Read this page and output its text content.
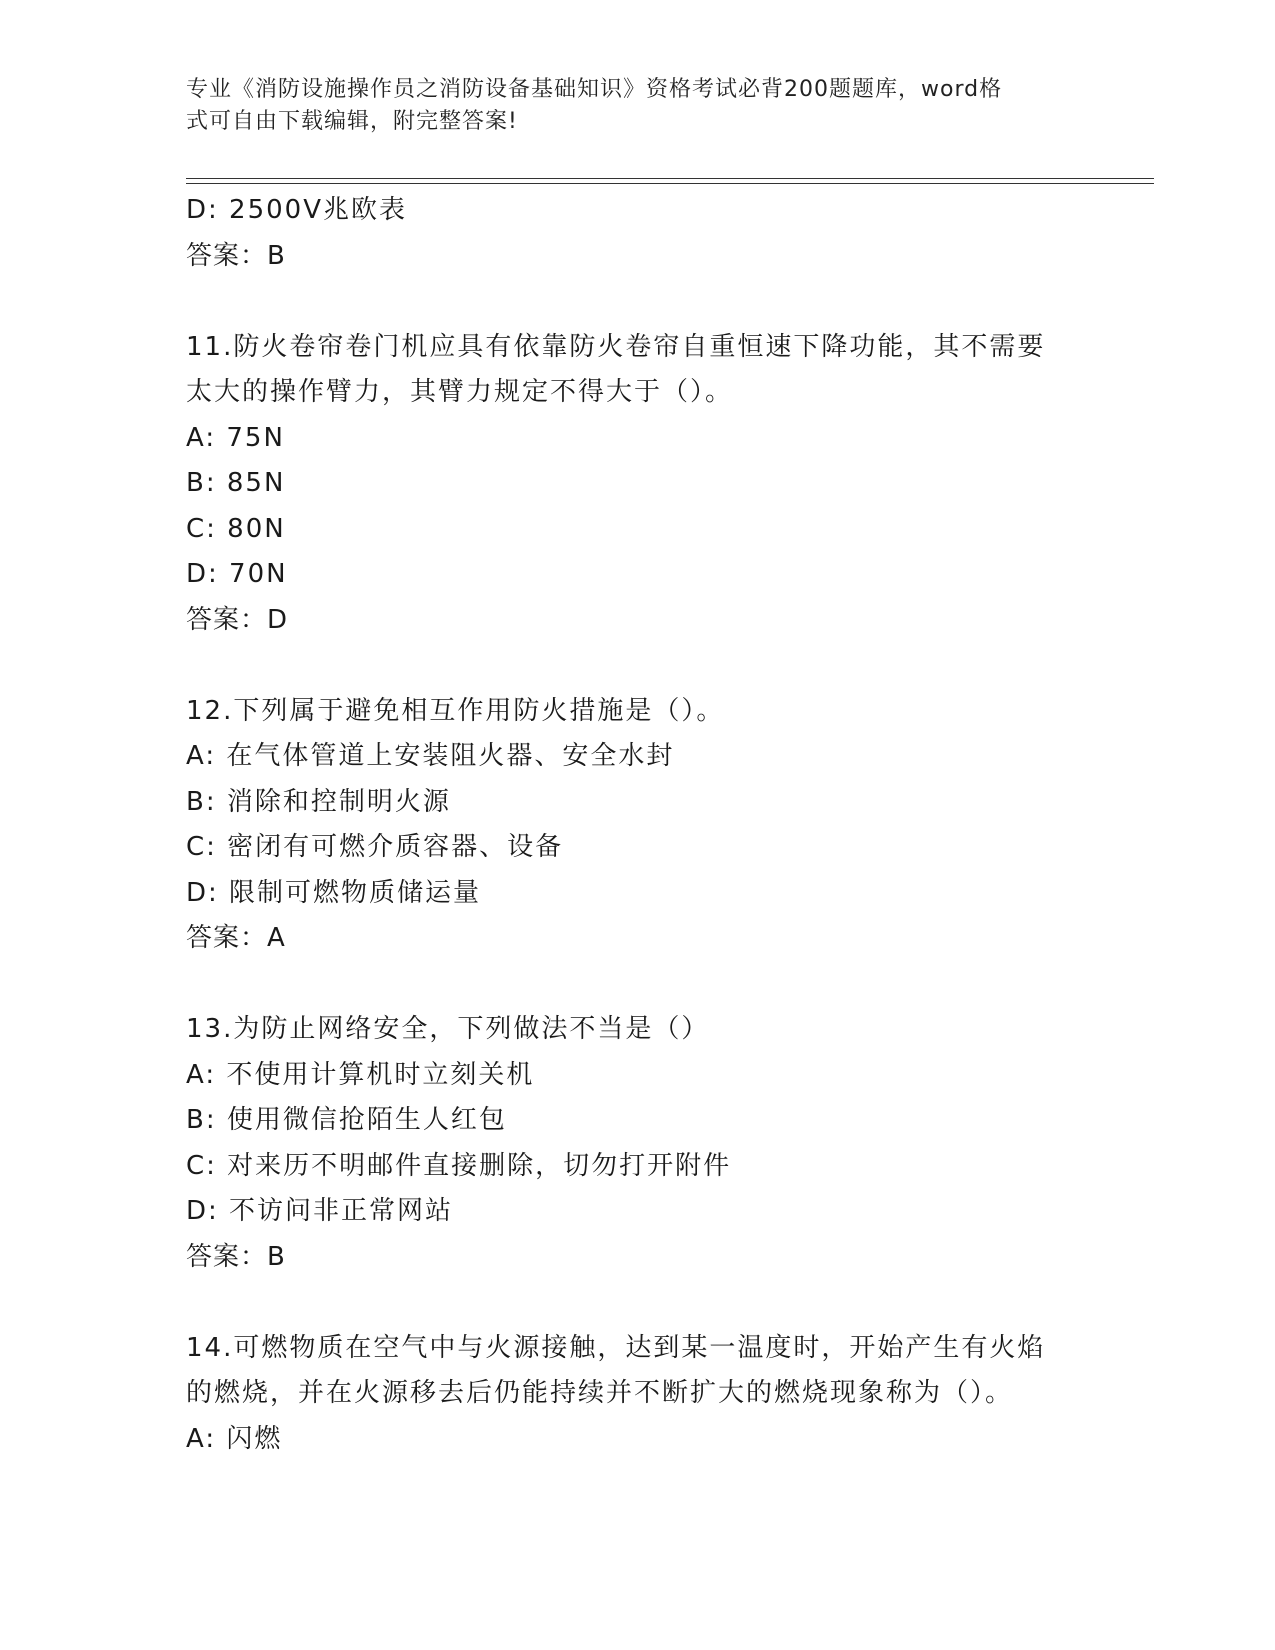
专业《消防设施操作员之消防设备基础知识》资格考试必背200题题库，word格
式可自由下载编辑，附完整答案!
D: 2500V兆欧表
答案：B
11.防火卷帘卷门机应具有依靠防火卷帘自重恒速下降功能，其不需要
太大的操作臂力，其臂力规定不得大于（）。
A: 75N
B: 85N
C: 80N
D: 70N
答案：D
12.下列属于避免相互作用防火措施是（）。
A: 在气体管道上安装阻火器、安全水封
B: 消除和控制明火源
C: 密闭有可燃介质容器、设备
D: 限制可燃物质储运量
答案：A
13.为防止网络安全，下列做法不当是（）
A: 不使用计算机时立刻关机
B: 使用微信抢陌生人红包
C: 对来历不明邮件直接删除，切勿打开附件
D: 不访问非正常网站
答案：B
14.可燃物质在空气中与火源接触，达到某一温度时，开始产生有火焰
的燃烧，并在火源移去后仍能持续并不断扩大的燃烧现象称为（）。
A: 闪燃
